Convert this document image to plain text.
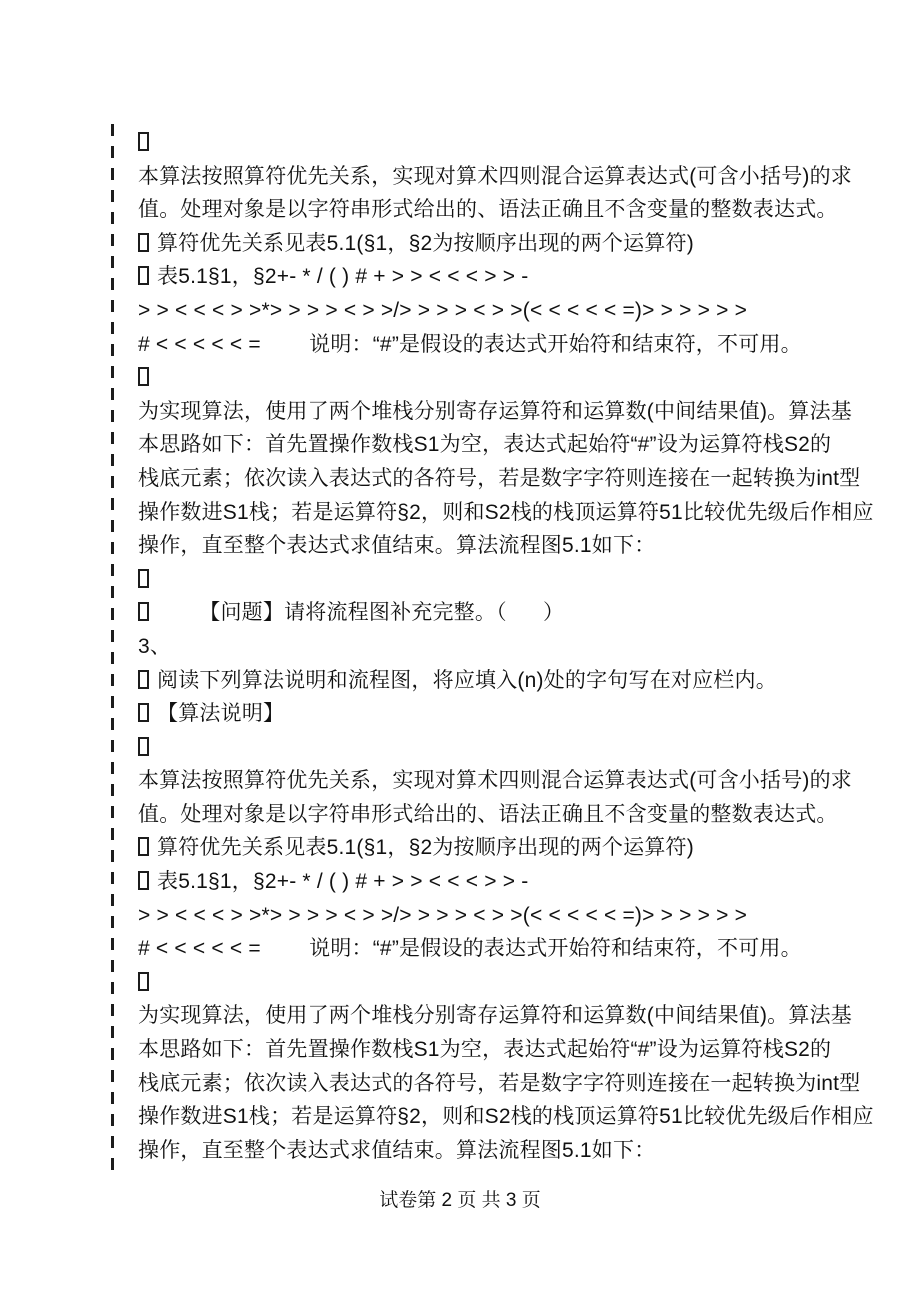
本算法按照算符优先关系，实现对算术四则混合运算表达式(可含小括号)的求

值。处理对象是以字符串形式给出的、语法正确且不含变量的整数表达式。

算符优先关系见表5.1(§1，§2为按顺序出现的两个运算符)

表5.1§1，§2+- * / ( ) # + > > < < < > > -

> > < < < > >*> > > > < > >/> > > > < > >(< < < < < =)> > > > > >

# < < < < < =        说明：“#”是假设的表达式开始符和结束符，不可用。

为实现算法，使用了两个堆栈分别寄存运算符和运算数(中间结果值)。算法基

本思路如下：首先置操作数栈S1为空，表达式起始符“#”设为运算符栈S2的

栈底元素；依次读入表达式的各符号，若是数字字符则连接在一起转换为int型

操作数进S1栈；若是运算符§2，则和S2栈的栈顶运算符51比较优先级后作相应

操作，直至整个表达式求值结束。算法流程图5.1如下：

【问题】请将流程图补充完整。（      ）

3、

阅读下列算法说明和流程图，将应填入(n)处的字句写在对应栏内。

【算法说明】

本算法按照算符优先关系，实现对算术四则混合运算表达式(可含小括号)的求

值。处理对象是以字符串形式给出的、语法正确且不含变量的整数表达式。

算符优先关系见表5.1(§1，§2为按顺序出现的两个运算符)

表5.1§1，§2+- * / ( ) # + > > < < < > > -

> > < < < > >*> > > > < > >/> > > > < > >(< < < < < =)> > > > > >

# < < < < < =        说明：“#”是假设的表达式开始符和结束符，不可用。

为实现算法，使用了两个堆栈分别寄存运算符和运算数(中间结果值)。算法基

本思路如下：首先置操作数栈S1为空，表达式起始符“#”设为运算符栈S2的

栈底元素；依次读入表达式的各符号，若是数字字符则连接在一起转换为int型

操作数进S1栈；若是运算符§2，则和S2栈的栈顶运算符51比较优先级后作相应

操作，直至整个表达式求值结束。算法流程图5.1如下：

试卷第 2 页 共 3 页
